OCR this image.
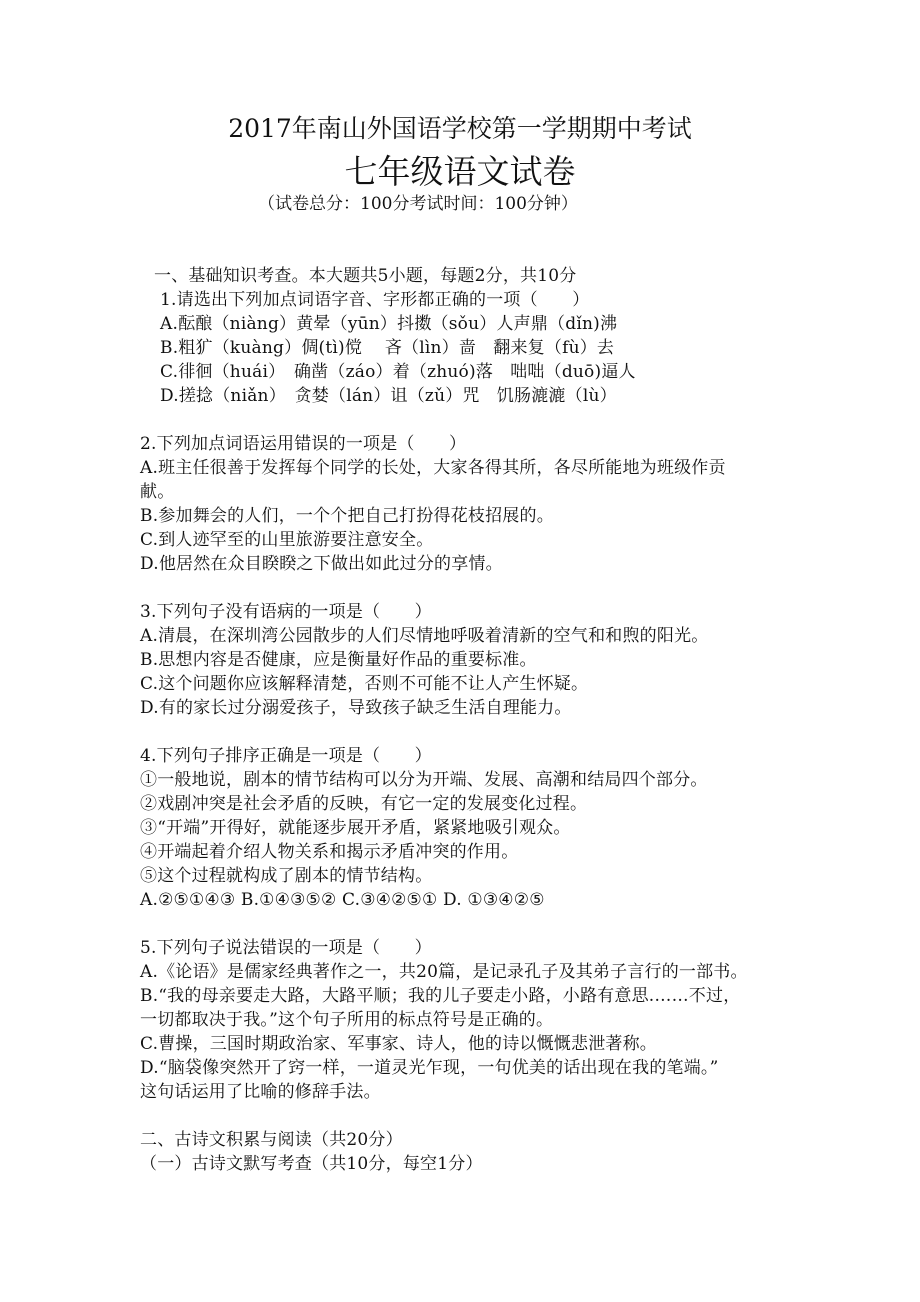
2017年南山外国语学校第一学期期中考试
七年级语文试卷
（试卷总分：100分考试时间：100分钟）
一、基础知识考查。本大题共5小题，每题2分，共10分
1.请选出下列加点词语字音、字形都正确的一项（　　）
A.酝酿（niàng）黄晕（yūn）抖擞（sǒu）人声鼎（dǐn)沸
B.粗犷（kuàng）倜(tì)傥　 吝（lìn）啬　翻来复（fù）去
C.徘徊（huái）　确凿（záo）着（zhuó)落　咄咄（duō)逼人
D.搓捻（niǎn）　贪婪（lán）诅（zǔ）咒　饥肠漉漉（lù）
2.下列加点词语运用错误的一项是（　　）
A.班主任很善于发挥每个同学的长处，大家各得其所，各尽所能地为班级作贡
献。
B.参加舞会的人们，一个个把自己打扮得花枝招展的。
C.到人迹罕至的山里旅游要注意安全。
D.他居然在众目睽睽之下做出如此过分的享情。
3.下列句子没有语病的一项是（　　）
A.清晨，在深圳湾公园散步的人们尽情地呼吸着清新的空气和和煦的阳光。
B.思想内容是否健康，应是衡量好作品的重要标准。
C.这个问题你应该解释清楚，否则不可能不让人产生怀疑。
D.有的家长过分溺爱孩子，导致孩子缺乏生活自理能力。
4.下列句子排序正确是一项是（　　）
①一般地说，剧本的情节结构可以分为开端、发展、高潮和结局四个部分。
②戏剧冲突是社会矛盾的反映，有它一定的发展变化过程。
③“开端”开得好，就能逐步展开矛盾，紧紧地吸引观众。
④开端起着介绍人物关系和揭示矛盾冲突的作用。
⑤这个过程就构成了剧本的情节结构。
A.②⑤①④③ B.①④③⑤② C.③④②⑤① D. ①③④②⑤
5.下列句子说法错误的一项是（　　）
A.《论语》是儒家经典著作之一，共20篇，是记录孔子及其弟子言行的一部书。
B.“我的母亲要走大路，大路平顺；我的儿子要走小路，小路有意思.……不过，
一切都取决于我。”这个句子所用的标点符号是正确的。
C.曹操，三国时期政治家、军事家、诗人，他的诗以慨慨悲泄著称。
D.“脑袋像突然开了窍一样，一道灵光乍现，一句优美的话出现在我的笔端。”
这句话运用了比喻的修辞手法。
二、古诗文积累与阅读（共20分）
（一）古诗文默写考查（共10分，每空1分）
